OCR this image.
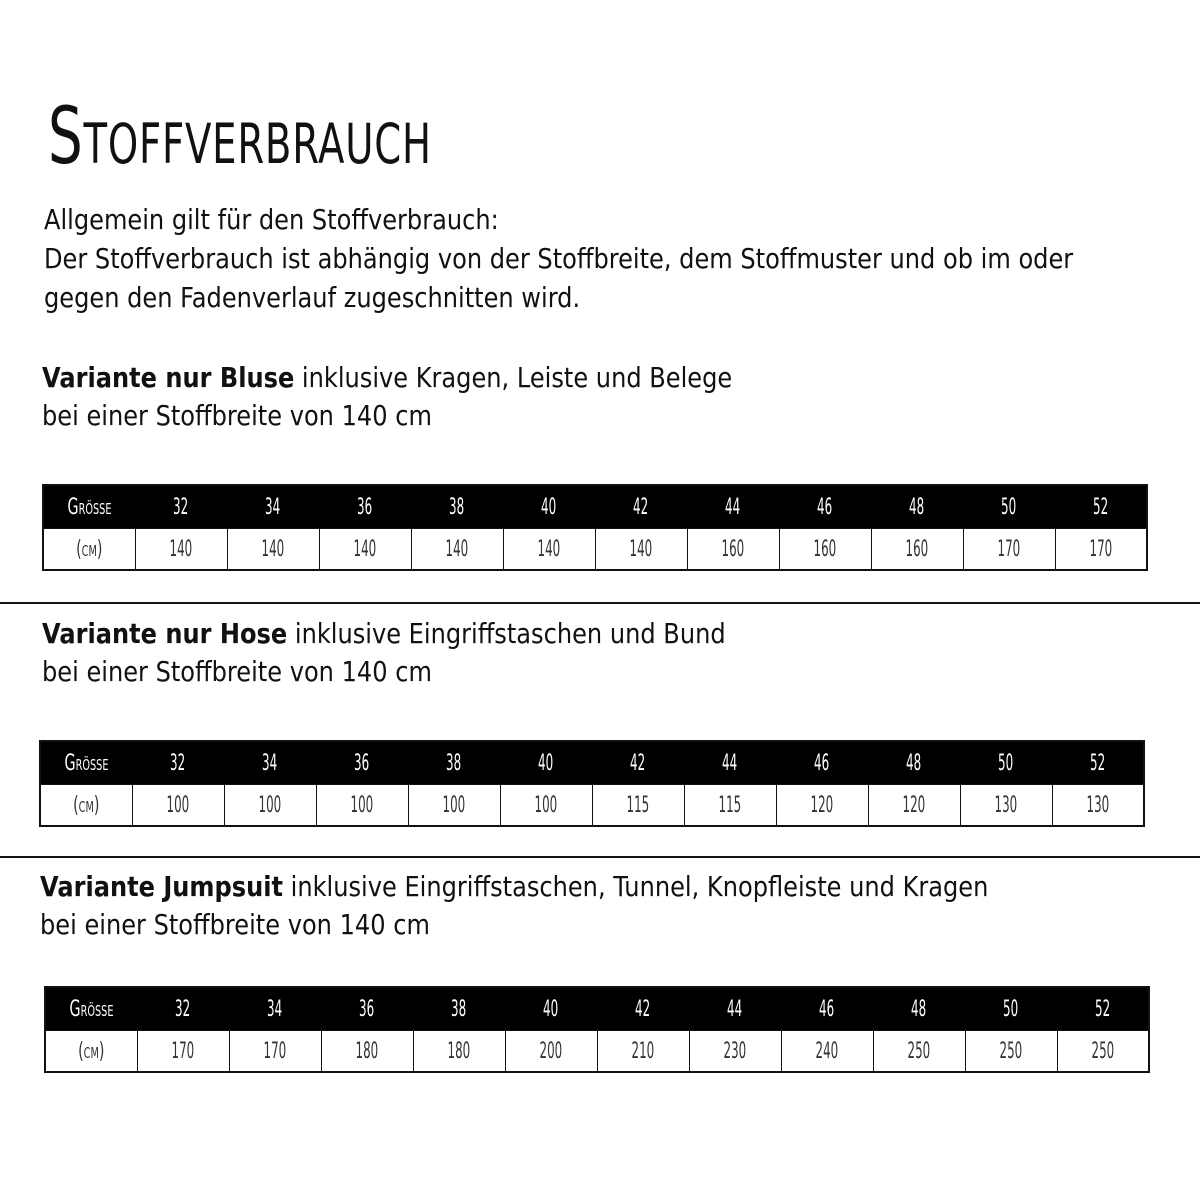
Stoffverbrauch
Allgemein gilt für den Stoffverbrauch:
Der Stoffverbrauch ist abhängig von der Stoffbreite, dem Stoffmuster und ob im oder
gegen den Fadenverlauf zugeschnitten wird.
Variante nur Bluse inklusive Kragen, Leiste und Belege
bei einer Stoffbreite von 140 cm
Größe	32	34	36	38	40	42	44	46	48	50	52
(cm)	140	140	140	140	140	140	160	160	160	170	170
Variante nur Hose inklusive Eingriffstaschen und Bund
bei einer Stoffbreite von 140 cm
Größe	32	34	36	38	40	42	44	46	48	50	52
(cm)	100	100	100	100	100	115	115	120	120	130	130
Variante Jumpsuit inklusive Eingriffstaschen, Tunnel, Knopfleiste und Kragen
bei einer Stoffbreite von 140 cm
Größe	32	34	36	38	40	42	44	46	48	50	52
(cm)	170	170	180	180	200	210	230	240	250	250	250
